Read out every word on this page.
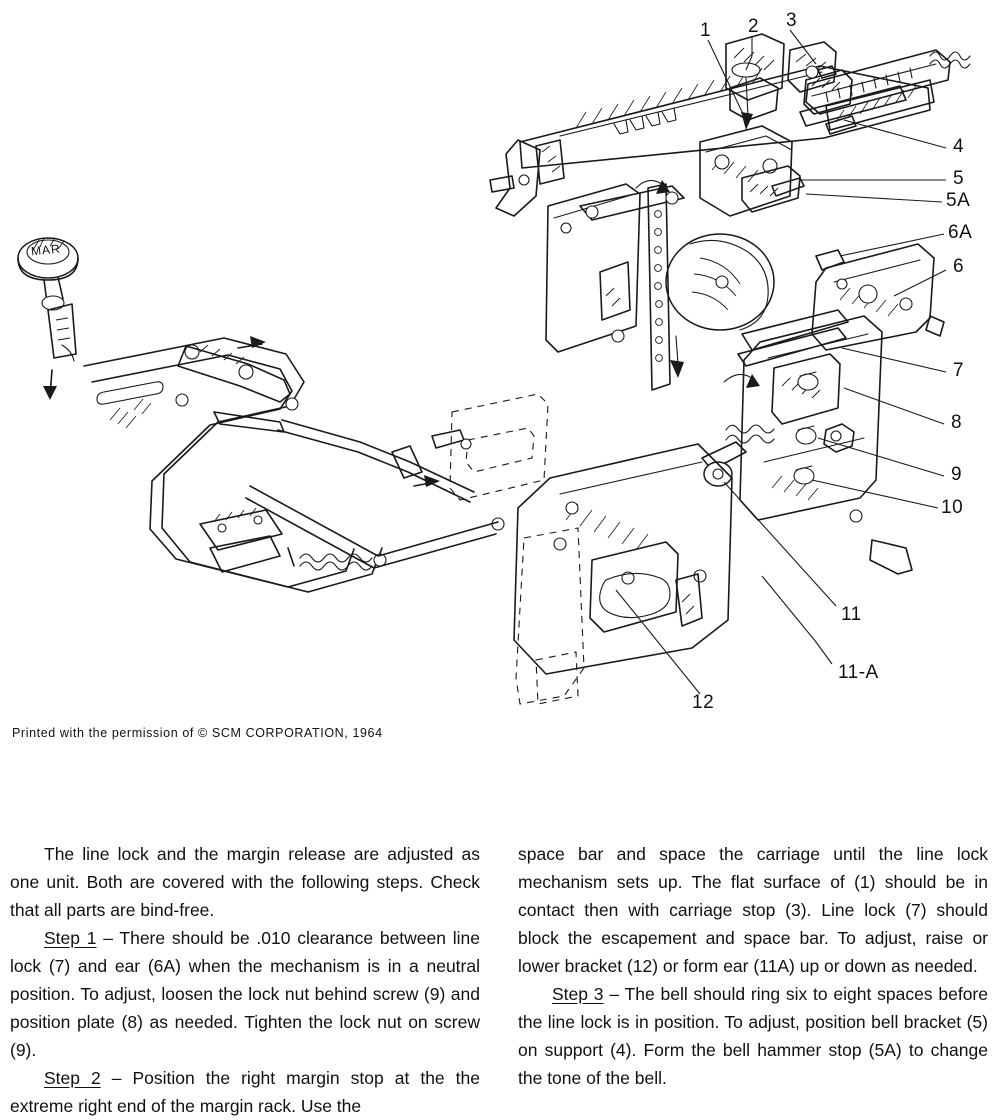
1 2 3
4
5
5A
6A
6
7
8
9
10
11
11-A
12
MAR
Printed with the permission of © SCM CORPORATION, 1964

The line lock and the margin release are adjusted as one unit. Both are covered with the following steps. Check that all parts are bind-free.

Step 1 – There should be .010 clearance between line lock (7) and ear (6A) when the mechanism is in a neutral position. To adjust, loosen the lock nut behind screw (9) and position plate (8) as needed. Tighten the lock nut on screw (9).

Step 2 – Position the right margin stop at the the extreme right end of the margin rack. Use the

space bar and space the carriage until the line lock mechanism sets up. The flat surface of (1) should be in contact then with carriage stop (3). Line lock (7) should block the escapement and space bar. To adjust, raise or lower bracket (12) or form ear (11A) up or down as needed.

Step 3 – The bell should ring six to eight spaces before the line lock is in position. To adjust, position bell bracket (5) on support (4). Form the bell hammer stop (5A) to change the tone of the bell.
